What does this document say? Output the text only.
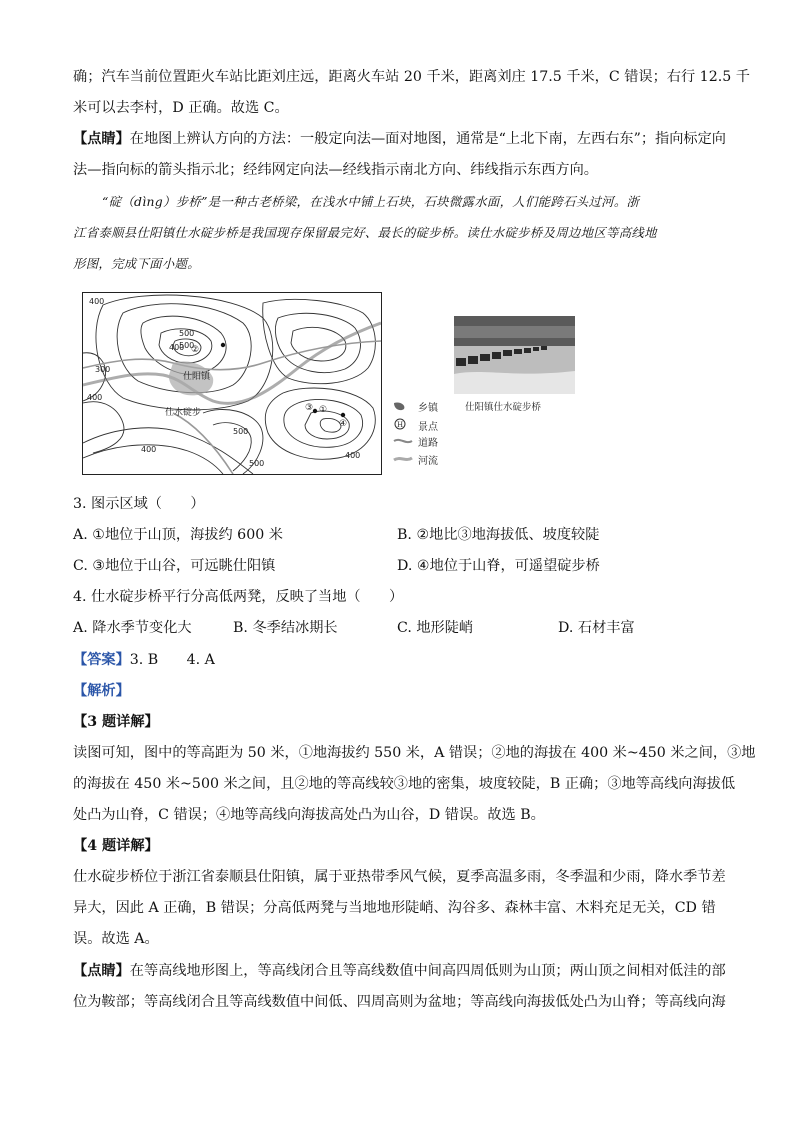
确；汽车当前位置距火车站比距刘庄远，距离火车站 20 千米，距离刘庄 17.5 千米，C 错误；右行 12.5 千
米可以去李村，D 正确。故选 C。
【点睛】在地图上辨认方向的方法：一般定向法—面对地图，通常是“上北下南，左西右东”；指向标定向
法—指向标的箭头指示北；经纬网定向法—经线指示南北方向、纬线指示东西方向。
“碇（dìng）步桥”是一种古老桥梁，在浅水中铺上石块，石块微露水面，人们能跨石头过河。浙
江省泰顺县仕阳镇仕水碇步桥是我国现存保留最完好、最长的碇步桥。读仕水碇步桥及周边地区等高线地
形图，完成下面小题。
400
500
500
400
300
400
400
500
500
400
仕阳镇
仕水碇步
②
①
③
④
乡镇
H 景点
道路
河流
仕阳镇仕水碇步桥
3. 图示区域（　　）
A. ①地位于山顶，海拔约 600 米	B. ②地比③地海拔低、坡度较陡
C. ③地位于山谷，可远眺仕阳镇	D. ④地位于山脊，可遥望碇步桥
4. 仕水碇步桥平行分高低两凳，反映了当地（　　）
A. 降水季节变化大	B. 冬季结冰期长	C. 地形陡峭	D. 石材丰富
【答案】3. B　　4. A
【解析】
【3 题详解】
读图可知，图中的等高距为 50 米，①地海拔约 550 米，A 错误；②地的海拔在 400 米~450 米之间，③地
的海拔在 450 米~500 米之间，且②地的等高线较③地的密集，坡度较陡，B 正确；③地等高线向海拔低
处凸为山脊，C 错误；④地等高线向海拔高处凸为山谷，D 错误。故选 B。
【4 题详解】
仕水碇步桥位于浙江省泰顺县仕阳镇，属于亚热带季风气候，夏季高温多雨，冬季温和少雨，降水季节差
异大，因此 A 正确，B 错误；分高低两凳与当地地形陡峭、沟谷多、森林丰富、木料充足无关，CD 错
误。故选 A。
【点睛】在等高线地形图上，等高线闭合且等高线数值中间高四周低则为山顶；两山顶之间相对低洼的部
位为鞍部；等高线闭合且等高线数值中间低、四周高则为盆地；等高线向海拔低处凸为山脊；等高线向海
